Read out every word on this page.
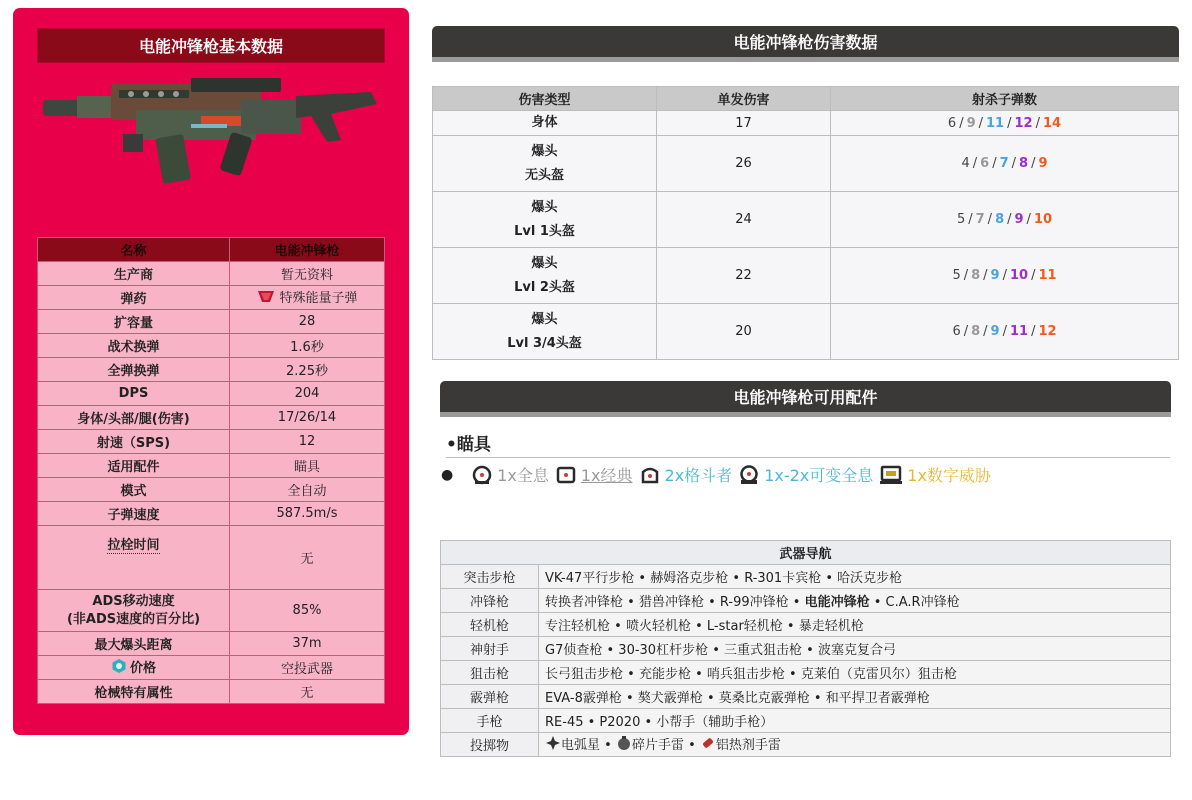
电能冲锋枪基本数据
名称	电能冲锋枪
生产商	暂无资料
弹药	特殊能量子弹

扩容量	28
战术换弹	1.6秒
全弹换弹	2.25秒
DPS	204
身体/头部/腿(伤害)	17/26/14
射速（SPS)	12
适用配件	瞄具
模式	全自动
子弹速度	587.5m/s
拉栓时间	无

ADS移动速度
(非ADS速度的百分比)	85%
最大爆头距离	37m

价格	空投武器
枪械特有属性	无
电能冲锋枪伤害数据
伤害类型	单发伤害	射杀子弹数

身体	17	6 / 9 / 11 / 12 / 14

爆头
无头盔	26	4 / 6 / 7 / 8 / 9

爆头
Lvl 1头盔	24	5 / 7 / 8 / 9 / 10

爆头
Lvl 2头盔	22	5 / 8 / 9 / 10 / 11

爆头
Lvl 3/4头盔	20	6 / 8 / 9 / 11 / 12
电能冲锋枪可用配件
•瞄具
●	1x全息 1x经典 2x格斗者 1x-2x可变全息 1x数字威胁
武器导航	
突击步枪	VK-47平行步枪 • 赫姆洛克步枪 • R-301卡宾枪 • 哈沃克步枪
冲锋枪	转换者冲锋枪 • 猎兽冲锋枪 • R-99冲锋枪 • 电能冲锋枪 • C.A.R冲锋枪
轻机枪	专注轻机枪 • 喷火轻机枪 • L-star轻机枪 • 暴走轻机枪
神射手	G7侦查枪 • 30-30杠杆步枪 • 三重式狙击枪 • 波塞克复合弓
狙击枪	长弓狙击步枪 • 充能步枪 • 哨兵狙击步枪 • 克莱伯（克雷贝尔）狙击枪
霰弹枪	EVA-8霰弹枪 • 獒犬霰弹枪 • 莫桑比克霰弹枪 • 和平捍卫者霰弹枪
手枪	RE-45 • P2020 • 小帮手（辅助手枪）
投掷物	电弧星 • 碎片手雷 • 铝热剂手雷
